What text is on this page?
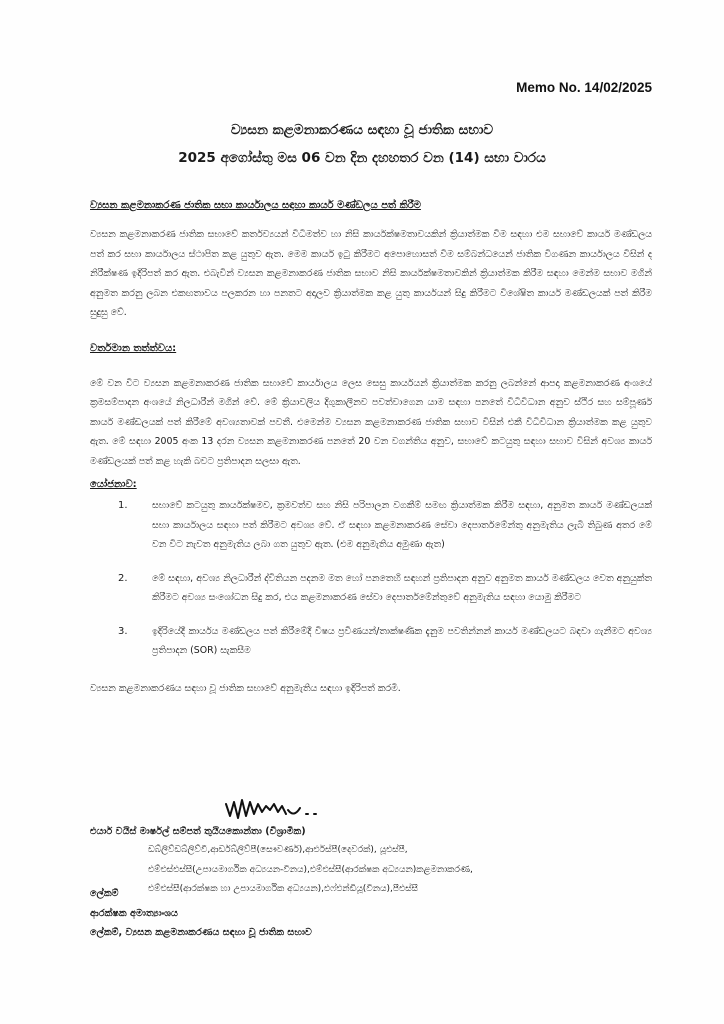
Memo No. 14/02/2025
ව්‍යසන කළමනාකරණය සඳහා වූ ජාතික සභාව
2025 අගෝස්තු මස 06 වන දින දහහතර වන (14) සභා වාරය

ව්‍යසන කළමනාකරණ ජාතික සභා කාර්යාලය සඳහා කාර්ය මණ්ඩලය පත් කිරීම

ව්‍යසන කළමනාකරණ ජාතික සභාවේ කර්තව්‍යයන් විධිමත්ව හා නිසි කාර්යක්ෂමතාවයකින් ක්‍රියාත්මක වීම සඳහා එම සභාවේ කාර්ය මණ්ඩලය පත් කර සභා කාර්යාලය ස්ථාපිත කළ යුතුව ඇත. මෙම කාර්ය ඉටු කිරීමට අපොහොසත් වීම සම්බන්ධයෙන් ජාතික විගණන කාර්යාලය විසින් ද නිරීක්ෂණ ඉදිරිපත් කර ඇත. එබැවින් ව්‍යසන කළමනාකරණ ජාතික සභාව නිසි කාර්යක්ෂමතාවකින් ක්‍රියාත්මක කිරීම සඳහා මෙන්ම සභාව මගින් අනුමත කරනු ලබන එකඟතාවය පලකරන හා පනතට අදාලව ක්‍රියාත්මක කළ යුතු කාර්යයන් සිදු කිරීමට විශේෂිත කාර්ය මණ්ඩලයක් පත් කිරීම සුදුසු වේ.

වර්තමාන තත්ත්වය:

මේ වන විට ව්‍යසන කළමනාකරණ ජාතික සභාවේ කාර්යාලය ලෙස සෙසු කාර්යයන් ක්‍රියාත්මක කරනු ලබන්නේ ආපදා කළමනාකරණ අංශයේ ක්‍රමසම්පාදන අංශයේ නිලධාරීන් මගින් වේ. මේ ක්‍රියාවලිය දිගුකාලීනව පවත්වාගෙන යාම සඳහා පනතේ විධිවිධාන අනුව ස්ථිර සහ සම්පූර්ණ කාර්ය මණ්ඩලයක් පත් කිරීමේ අවශ්‍යතාවක් පවතී. එමෙන්ම ව්‍යසන කළමනාකරණ ජාතික සභාව විසින් එකී විධිවිධාන ක්‍රියාත්මක කළ යුතුව ඇත. මේ සඳහා 2005 අංක 13 දරන ව්‍යසන කළමනාකරණ පනතේ 20 වන වගන්තිය අනුව, සභාවේ කටයුතු සඳහා සභාව විසින් අවශ්‍ය කාර්ය මණ්ඩලයක් පත් කළ හැකි බවට ප්‍රතිපාදන සලසා ඇත.

යෝජනාව:

1.	සභාවේ කටයුතු කාර්යක්ෂමව, ක්‍රමවත්ව සහ නිසි පරිපාලන වගකීම් සමඟ ක්‍රියාත්මක කිරීම සඳහා, අනුමත කාර්ය මණ්ඩලයක් සභා කාර්යාලය සඳහා පත් කිරීමට අවශ්‍ය වේ. ඒ සඳහා කළමනාකරණ සේවා දෙපාර්තමේන්තු අනුමැතිය ලැබී තිබුණ අතර මේ වන විට නැවත අනුමැතිය ලබා ගත යුතුව ඇත. (එම අනුමැතිය අමුණා ඇත)
2.	මේ සඳහා, අවශ්‍ය නිලධාරීන් ද්විතියන පදනම මත හෝ පනතෙහි සඳහන් ප්‍රතිපාදන අනුව අනුමත කාර්ය මණ්ඩලය වෙත අනුයුක්ත කිරීමට අවශ්‍ය සංශෝධන සිදු කර, එය කළමනාකරණ සේවා දෙපාර්තමේන්තුවේ අනුමැතිය සඳහා යොමු කිරීමට
3.	ඉදිරියේදී කාර්යය මණ්ඩලය පත් කිරීමේදී විෂය ප්‍රවීණයන්/තාක්ෂණික දැනුම පවතින්නන් කාර්ය මණ්ඩලයට බඳවා ගැනීමට අවශ්‍ය ප්‍රතිපාදන (SOR) සැකසීම

ව්‍යසන කළමනාකරණය සඳහා වූ ජාතික සභාවේ අනුමැතිය සඳහා ඉදිරිපත් කරමි.

එයාර් වයිස් මාර්ෂල් සම්පත් තුයියකොන්තා (විශ්‍රාමික)

ඩබ්ලිව්ඩබ්ලිව්වී,ආර්ඩබ්ලිව්පී(සෞවර්ණ),ආර්එස්පී(දෙවරක්), යූඑස්පී,

එම්එස්එස්සී(උපායමාර්ගික අධ්‍යයන-විනය),එම්එස්සී(ආරක්ෂක අධ්‍යයන)කළමනාකරණ,

එම්එස්සී(ආරක්ෂක හා උපායමාර්ගික අධ්‍යයන),එෆ්එන්ඩියූ(විනය),පීඑස්සී

ලේකම්

ආරක්ෂක අමාත්‍යාංශය

ලේකම්, ව්‍යසන කළමනාකරණය සඳහා වූ ජාතික සභාව
